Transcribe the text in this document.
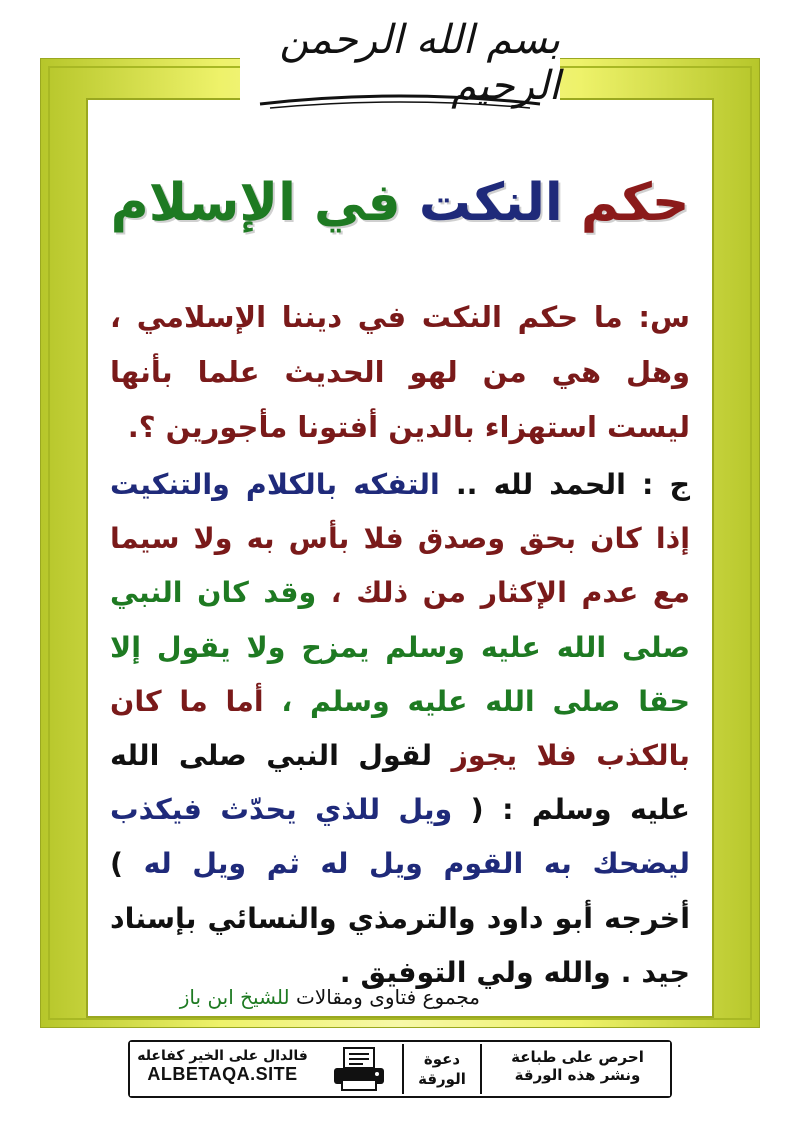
بسم الله الرحمن الرحيم
حكم النكت في الإسلام
س: ما حكم النكت في ديننا الإسلامي ، وهل هي من لهو الحديث علما بأنها ليست استهزاء بالدين أفتونا مأجورين ؟.
ج : الحمد لله .. التفكه بالكلام والتنكيت إذا كان بحق وصدق فلا بأس به ولا سيما مع عدم الإكثار من ذلك ، وقد كان النبي صلى الله عليه وسلم يمزح ولا يقول إلا حقا صلى الله عليه وسلم ، أما ما كان بالكذب فلا يجوز لقول النبي صلى الله عليه وسلم : ( ويل للذي يحدّث فيكذب ليضحك به القوم ويل له ثم ويل له ) أخرجه أبو داود والترمذي والنسائي بإسناد جيد . والله ولي التوفيق .
مجموع فتاوى ومقالات للشيخ ابن باز
فالدال على الخير كفاعله
ALBETAQA.SITE
دعوة
الورقة
احرص على طباعة
ونشر هذه الورقة
